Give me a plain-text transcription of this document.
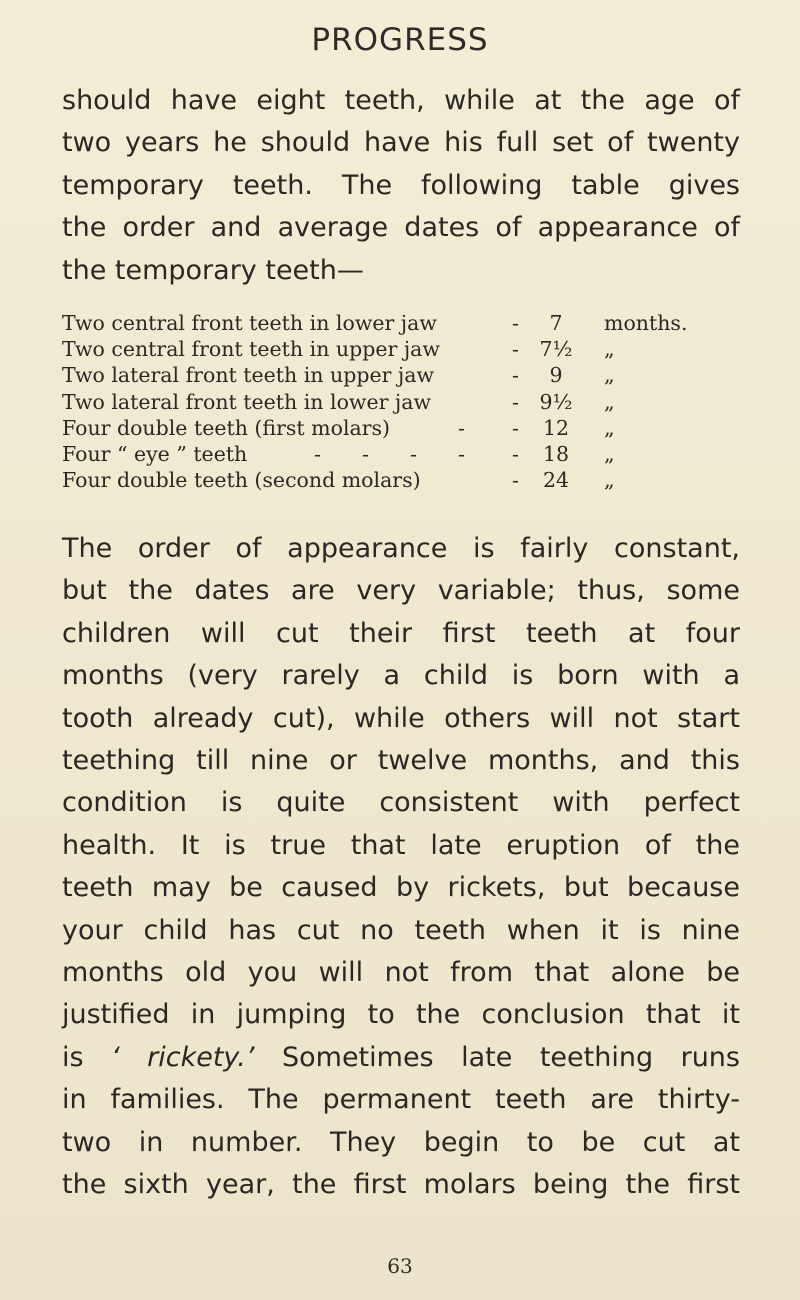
PROGRESS
should have eight teeth, while at the age of
two years he should have his full set of twenty
temporary teeth. The following table gives
the order and average dates of appearance of
the temporary teeth—
Two central front teeth in lower jaw	-	7	months.
Two central front teeth in upper jaw	- 7½ „
Two lateral front teeth in upper jaw	-	9	„
Two lateral front teeth in lower jaw	- 9½ „
Four double teeth (first molars)	- - 12 „
Four “ eye ” teeth	- - - - - 18 „
Four double teeth (second molars)	- 24 „
The order of appearance is fairly constant,
but the dates are very variable; thus, some
children will cut their first teeth at four
months (very rarely a child is born with a
tooth already cut), while others will not start
teething till nine or twelve months, and this
condition is quite consistent with perfect
health. It is true that late eruption of the
teeth may be caused by rickets, but because
your child has cut no teeth when it is nine
months old you will not from that alone be
justified in jumping to the conclusion that it
is ‘ rickety.’ Sometimes late teething runs
in families. The permanent teeth are thirty-
two in number. They begin to be cut at
the sixth year, the first molars being the first
63
